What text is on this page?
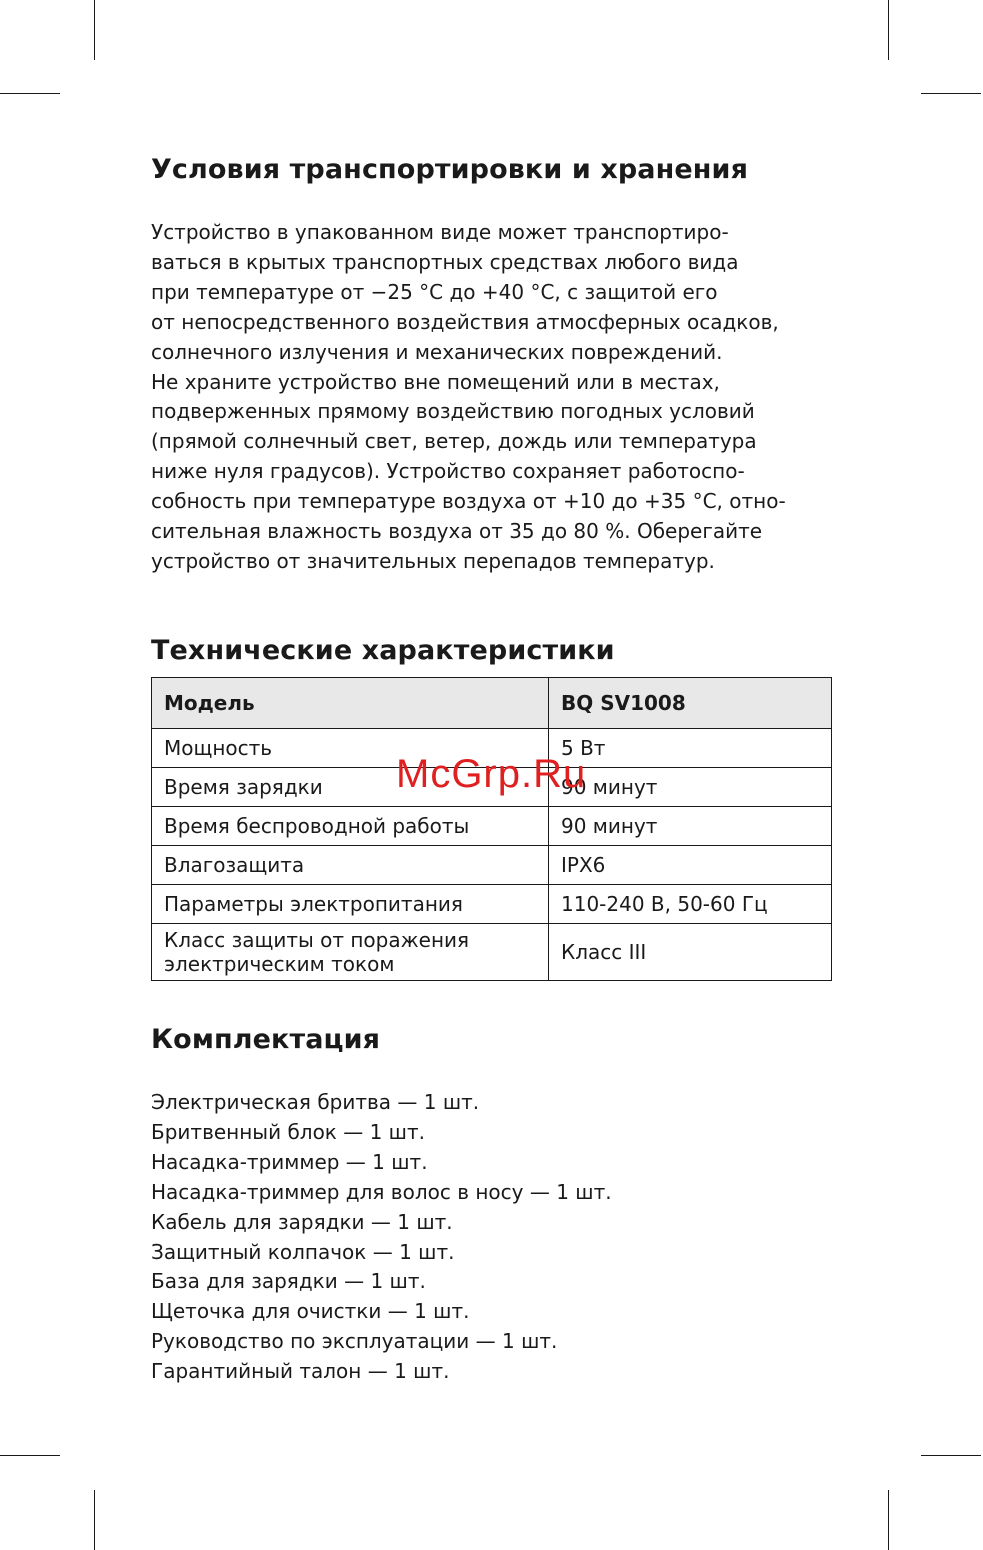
Условия транспортировки и хранения

Устройство в упакованном виде может транспортиро-
ваться в крытых транспортных средствах любого вида
при температуре от −25 °С до +40 °С, с защитой его
от непосредственного воздействия атмосферных осадков,
солнечного излучения и механических повреждений.
Не храните устройство вне помещений или в местах,
подверженных прямому воздействию погодных условий
(прямой солнечный свет, ветер, дождь или температура
ниже нуля градусов). Устройство сохраняет работоспо-
собность при температуре воздуха от +10 до +35 °С, отно-
сительная влажность воздуха от 35 до 80 %. Оберегайте
устройство от значительных перепадов температур.

Технические характеристики
Модель	BQ SV1008
Мощность	5 Вт
Время зарядки	90 минут
Время беспроводной работы	90 минут
Влагозащита	IPX6
Параметры электропитания	110-240 В, 50-60 Гц
Класс защиты от поражения
электрическим током	Класс III
Комплектация
Электрическая бритва — 1 шт.
Бритвенный блок — 1 шт.
Насадка-триммер — 1 шт.
Насадка-триммер для волос в носу — 1 шт.
Кабель для зарядки — 1 шт.
Защитный колпачок — 1 шт.
База для зарядки — 1 шт.
Щеточка для очистки — 1 шт.
Руководство по эксплуатации — 1 шт.
Гарантийный талон — 1 шт.
McGrp.Ru
